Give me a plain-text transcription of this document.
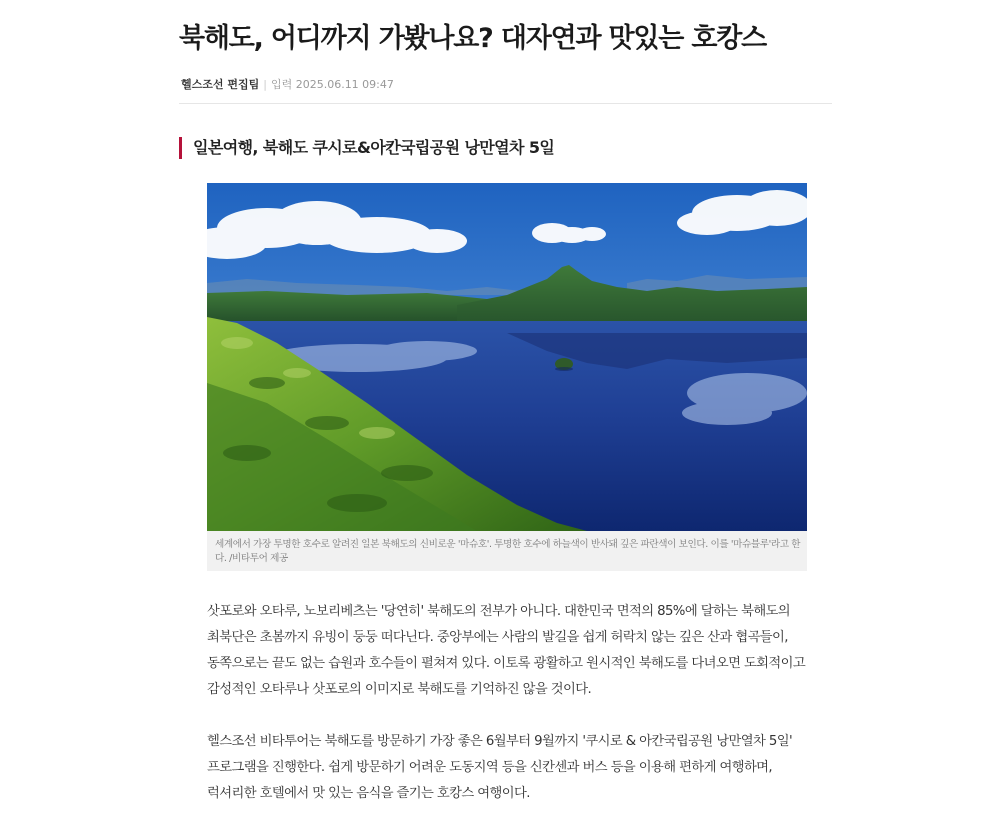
북해도, 어디까지 가봤나요? 대자연과 맛있는 호캉스
헬스조선 편집팀 | 입력 2025.06.11 09:47
일본여행, 북해도 쿠시로&아칸국립공원 낭만열차 5일
세계에서 가장 투명한 호수로 알려진 일본 북해도의 신비로운 '마슈호'. 투명한 호수에 하늘색이 반사돼 깊은 파란색이 보인다. 이를 '마슈블루'라고 한다. /비타투어 제공

삿포로와 오타루, 노보리베츠는 '당연히' 북해도의 전부가 아니다. 대한민국 면적의 85%에 달하는 북해도의 최북단은 초봄까지 유빙이 둥둥 떠다닌다. 중앙부에는 사람의 발길을 쉽게 허락치 않는 깊은 산과 협곡들이, 동쪽으로는 끝도 없는 습원과 호수들이 펼쳐져 있다. 이토록 광활하고 원시적인 북해도를 다녀오면 도회적이고 감성적인 오타루나 삿포로의 이미지로 북해도를 기억하진 않을 것이다.

헬스조선 비타투어는 북해도를 방문하기 가장 좋은 6월부터 9월까지 '쿠시로 & 아칸국립공원 낭만열차 5일' 프로그램을 진행한다. 쉽게 방문하기 어려운 도동지역 등을 신칸센과 버스 등을 이용해 편하게 여행하며, 럭셔리한 호텔에서 맛 있는 음식을 즐기는 호캉스 여행이다.
